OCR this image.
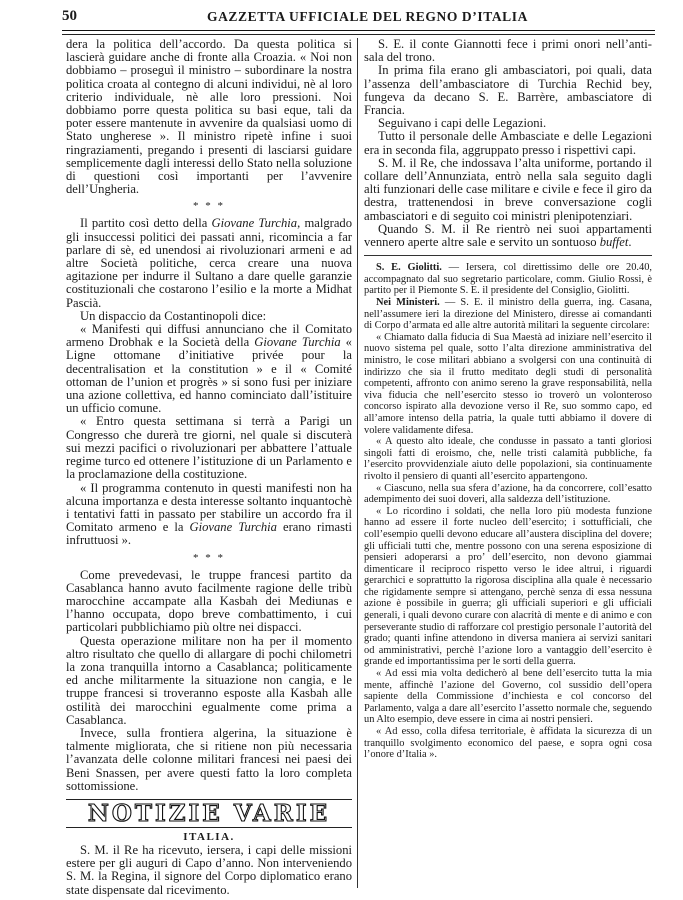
50	GAZZETTA UFFICIALE DEL REGNO D’ITALIA

dera la politica dell’accordo. Da questa politica si lascierà guidare anche di fronte alla Croazia. « Noi non dobbiamo – proseguì il ministro – subordinare la nostra politica croata al contegno di alcuni individui, nè al loro criterio individuale, nè alle loro pressioni. Noi dobbiamo porre questa politica su basi eque, tali da poter essere mantenute in avvenire da qualsiasi uomo di Stato ungherese ». Il ministro ripetè infine i suoi ringraziamenti, pregando i presenti di lasciarsi guidare semplicemente dagli interessi dello Stato nella soluzione di questioni così importanti per l’avvenire dell’Ungheria.

* * *

Il partito così detto della Giovane Turchia, malgrado gli insuccessi politici dei passati anni, ricomincia a far parlare di sè, ed unendosi ai rivoluzionari armeni e ad altre Società politiche, cerca creare una nuova agitazione per indurre il Sultano a dare quelle garanzie costituzionali che costarono l’esilio e la morte a Midhat Pascià.

Un dispaccio da Costantinopoli dice:

« Manifesti qui diffusi annunciano che il Comitato armeno Drobhak e la Società della Giovane Turchia « Ligne ottomane d’initiative privée pour la decentralisation et la constitution » e il « Comité ottoman de l’union et progrès » si sono fusi per iniziare una azione collettiva, ed hanno cominciato dall’istituire un ufficio comune.

« Entro questa settimana si terrà a Parigi un Congresso che durerà tre giorni, nel quale si discuterà sui mezzi pacifici o rivoluzionari per abbattere l’attuale regime turco ed ottenere l’istituzione di un Parlamento e la proclamazione della costituzione.

« Il programma contenuto in questi manifesti non ha alcuna importanza e desta interesse soltanto inquantochè i tentativi fatti in passato per stabilire un accordo fra il Comitato armeno e la Giovane Turchia erano rimasti infruttuosi ».

* * *

Come prevedevasi, le truppe francesi partito da Casablanca hanno avuto facilmente ragione delle tribù marocchine accampate alla Kasbah dei Mediunas e l’hanno occupata, dopo breve combattimento, i cui particolari pubblichiamo più oltre nei dispacci.

Questa operazione militare non ha per il momento altro risultato che quello di allargare di pochi chilometri la zona tranquilla intorno a Casablanca; politicamente ed anche militarmente la situazione non cangia, e le truppe francesi si troveranno esposte alla Kasbah alle ostilità dei marocchini egualmente come prima a Casablanca.

Invece, sulla frontiera algerina, la situazione è talmente migliorata, che si ritiene non più necessaria l’avanzata delle colonne militari francesi nei paesi dei Beni Snassen, per avere questi fatto la loro completa sottomissione.

NOTIZIE VARIE
ITALIA.

S. M. il Re ha ricevuto, iersera, i capi delle missioni estere per gli auguri di Capo d’anno. Non interveniendo S. M. la Regina, il signore del Corpo diplomatico erano state dispensate dal ricevimento.

S. E. il conte Giannotti fece i primi onori nell’anti-sala del trono.

In prima fila erano gli ambasciatori, poi quali, data l’assenza dell’ambasciatore di Turchia Rechid bey, fungeva da decano S. E. Barrère, ambasciatore di Francia.

Seguivano i capi delle Legazioni.

Tutto il personale delle Ambasciate e delle Legazioni era in seconda fila, aggruppato presso i rispettivi capi.

S. M. il Re, che indossava l’alta uniforme, portando il collare dell’Annunziata, entrò nella sala seguito dagli alti funzionari delle case militare e civile e fece il giro da destra, trattenendosi in breve conversazione cogli ambasciatori e di seguito coi ministri plenipotenziari.

Quando S. M. il Re rientrò nei suoi appartamenti vennero aperte altre sale e servito un sontuoso buffet.

S. E. Giolitti. — Iersera, col direttissimo delle ore 20.40, accompagnato dal suo segretario particolare, comm. Giulio Rossi, è partito per il Piemonte S. E. il presidente del Consiglio, Giolitti.

Nei Ministeri. — S. E. il ministro della guerra, ing. Casana, nell’assumere ieri la direzione del Ministero, diresse ai comandanti di Corpo d’armata ed alle altre autorità militari la seguente circolare:

« Chiamato dalla fiducia di Sua Maestà ad iniziare nell’esercito il nuovo sistema pel quale, sotto l’alta direzione amministrativa del ministro, le cose militari abbiano a svolgersi con una continuità di indirizzo che sia il frutto meditato degli studi di personalità competenti, affronto con animo sereno la grave responsabilità, nella viva fiducia che nell’esercito stesso io troverò un volonteroso concorso ispirato alla devozione verso il Re, suo sommo capo, ed all’amore intenso della patria, la quale tutti abbiamo il dovere di volere validamente difesa.

« A questo alto ideale, che condusse in passato a tanti gloriosi singoli fatti di eroismo, che, nelle tristi calamità pubbliche, fa l’esercito provvidenziale aiuto delle popolazioni, sia continuamente rivolto il pensiero di quanti all’esercito appartengono.

« Ciascuno, nella sua sfera d’azione, ha da concorrere, coll’esatto adempimento dei suoi doveri, alla saldezza dell’istituzione.

« Lo ricordino i soldati, che nella loro più modesta funzione hanno ad essere il forte nucleo dell’esercito; i sottufficiali, che coll’esempio quelli devono educare all’austera disciplina del dovere; gli ufficiali tutti che, mentre possono con una serena esposizione di pensieri adoperarsi a pro’ dell’esercito, non devono giammai dimenticare il reciproco rispetto verso le idee altrui, i riguardi gerarchici e soprattutto la rigorosa disciplina alla quale è necessario che rigidamente sempre si attengano, perchè senza di essa nessuna azione è possibile in guerra; gli ufficiali superiori e gli ufficiali generali, i quali devono curare con alacrità di mente e di animo e con perseverante studio di rafforzare col prestigio personale l’autorità del grado; quanti infine attendono in diversa maniera ai servizi sanitari od amministrativi, perchè l’azione loro a vantaggio dell’esercito è grande ed importantissima per le sorti della guerra.

« Ad essi mia volta dedicherò al bene dell’esercito tutta la mia mente, affinchè l’azione del Governo, col sussidio dell’opera sapiente della Commissione d’inchiesta e col concorso del Parlamento, valga a dare all’esercito l’assetto normale che, seguendo un Alto esempio, deve essere in cima ai nostri pensieri.

« Ad esso, colla difesa territoriale, è affidata la sicurezza di un tranquillo svolgimento economico del paese, e sopra ogni cosa l’onore d’Italia ».
